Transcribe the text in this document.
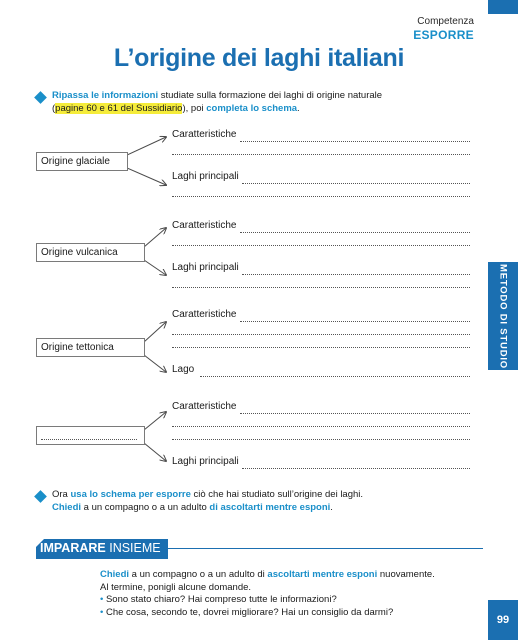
Competenza
ESPORRE
L’origine dei laghi italiani
Ripassa le informazioni studiate sulla formazione dei laghi di origine naturale
(pagine 60 e 61 del Sussidiario), poi completa lo schema.
Origine glaciale
Caratteristiche
Laghi principali
Origine vulcanica
Caratteristiche
Laghi principali
Origine tettonica
Caratteristiche
Lago
Caratteristiche
Laghi principali
METODO DI STUDIO
Ora usa lo schema per esporre ciò che hai studiato sull’origine dei laghi.
Chiedi a un compagno o a un adulto di ascoltarti mentre esponi.
IMPARARE INSIEME
Chiedi a un compagno o a un adulto di ascoltarti mentre esponi nuovamente.
Al termine, ponigli alcune domande.
• Sono stato chiaro? Hai compreso tutte le informazioni?
• Che cosa, secondo te, dovrei migliorare? Hai un consiglio da darmi?
99
